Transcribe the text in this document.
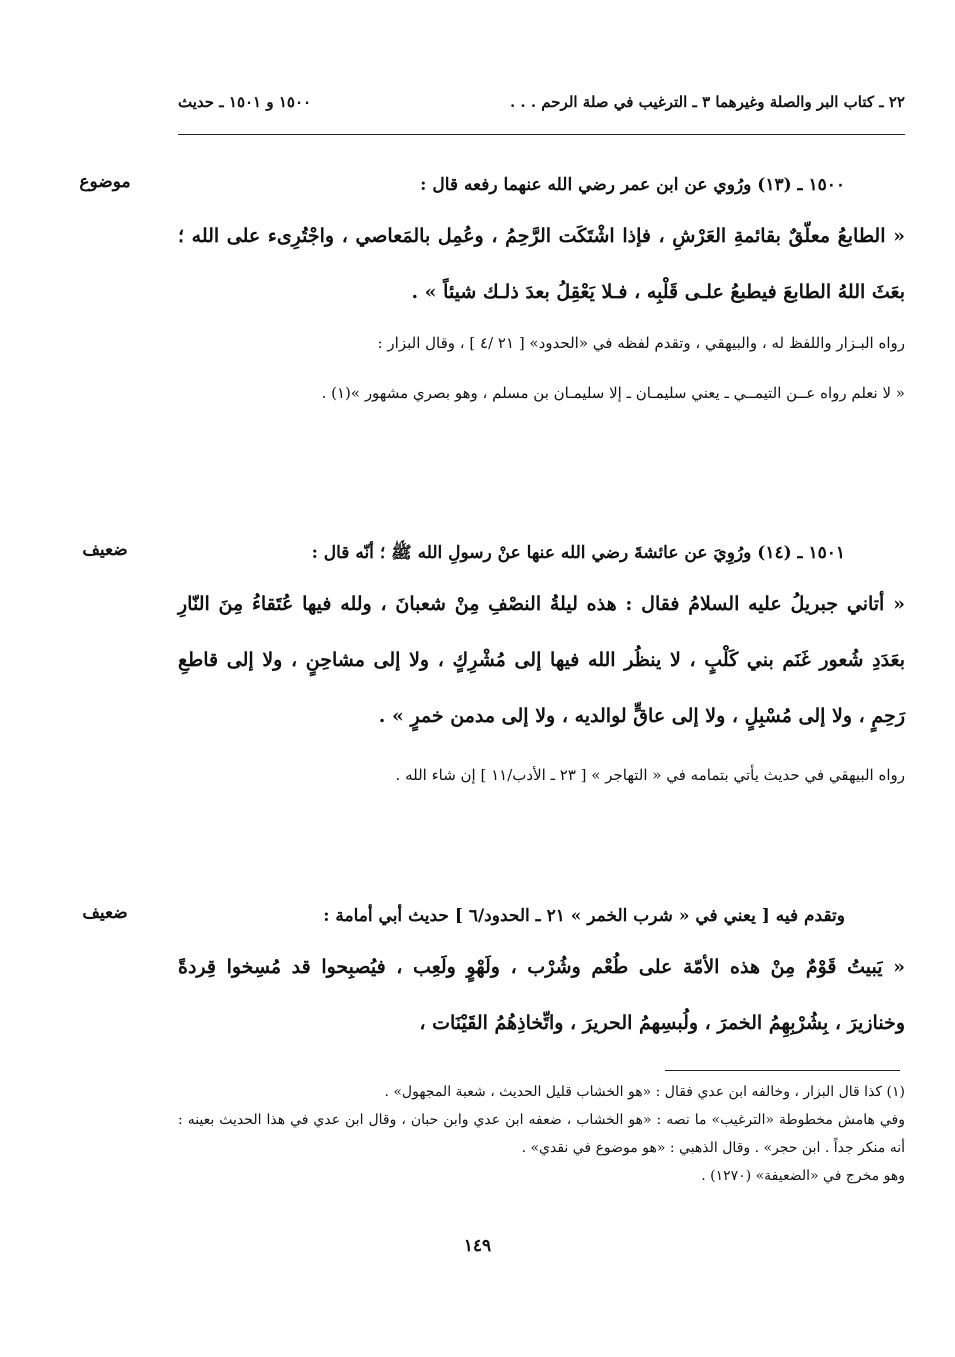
١٥٠٠ و ١٥٠١ ـ حديث	٢٢ ـ كتاب البر والصلة وغيرهما ٣ ـ الترغيب في صلة الرحم . . .
موضوع	١٥٠٠ ـ (١٣) ورُوي عن ابن عمر رضي الله عنهما رفعه قال :

« الطابعُ معلّقٌ بقائمةِ العَرْشِ ، فإذا اشْتَكَت الرَّحِمُ ، وعُمِل بالمَعاصي ، واجْتُرِىء على الله ؛ بعَثَ اللهُ الطابعَ فيطبعُ علـى قَلْبِه ، فـلا يَعْقِلُ بعدَ ذلـك شيئاً » .

رواه البـزار واللفظ له ، والبيهقي ، وتقدم لفظه في «الحدود» [ ٢١ /٤ ] ، وقال البزار :

« لا نعلم رواه عــن التيمــي ـ يعني سليمـان ـ إلا سليمـان بن مسلم ، وهو بصري مشهور »(١) .

ضعيف	١٥٠١ ـ (١٤) ورُوِيَ عن عائشةَ رضي الله عنها عنْ رسولِ الله ﷺ ؛ أنّه قال :

« أتاني جبريلُ عليه السلامُ فقال : هذه ليلةُ النصْفِ مِنْ شعبانَ ، ولله فيها عُتَقاءُ مِنَ النّارِ بعَدَدِ شُعور غَنَم بني كَلْبٍ ، لا ينظُر الله فيها إلى مُشْرِكٍ ، ولا إلى مشاحِنٍ ، ولا إلى قاطعِ رَحِمٍ ، ولا إلى مُسْبِلٍ ، ولا إلى عاقٍّ لوالديه ، ولا إلى مدمن خمرٍ » .

رواه البيهقي في حديث يأتي بتمامه في « التهاجر » [ ٢٣ ـ الأدب/١١ ] إن شاء الله .

ضعيف	وتقدم فيه [ يعني في « شرب الخمر » ٢١ ـ الحدود/٦ ] حديث أبي أمامة :

« يَبيتُ قَوْمٌ مِنْ هذه الأمّة على طُعْم وشُرْب ، ولَهْوٍ ولَعِب ، فيُصبِحوا قد مُسِخوا قِردةً وخنازيرَ ، بِشُرْبِهِمُ الخمرَ ، ولُبسِهمُ الحريرَ ، واتِّخاذِهُمُ القَيْنَات ،

(١) كذا قال البزار ، وخالفه ابن عدي فقال : «هو الخشاب قليل الحديث ، شعبة المجهول» .

وفي هامش مخطوطة «الترغيب» ما نصه : «هو الخشاب ، ضعفه ابن عدي وابن حبان ، وقال ابن عدي في هذا الحديث بعينه : أنه منكر جداً . ابن حجر» . وقال الذهبي : «هو موضوع في نقدي» .

وهو مخرج في «الضعيفة» (١٢٧٠) .

١٤٩
